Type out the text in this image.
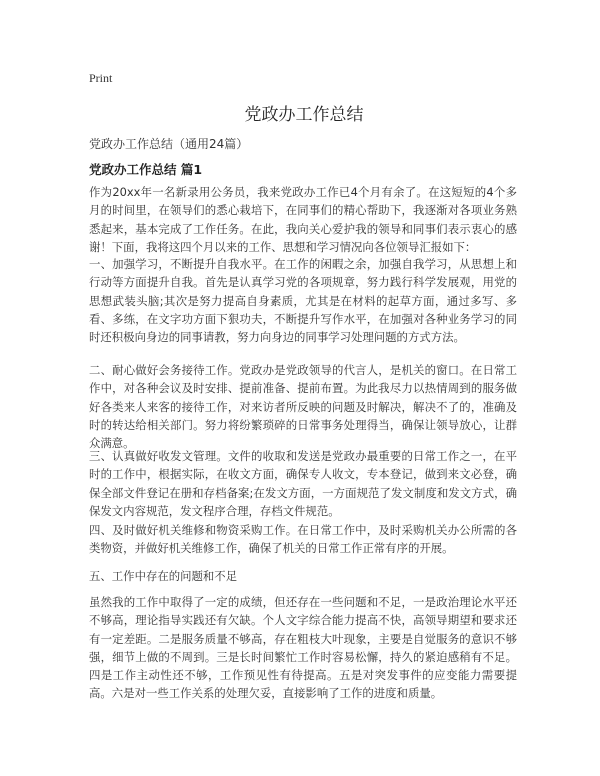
Print
党政办工作总结
党政办工作总结（通用24篇）
党政办工作总结 篇1

作为20xx年一名新录用公务员，我来党政办工作已4个月有余了。在这短短的4个多月的时间里，在领导们的悉心栽培下，在同事们的精心帮助下，我逐渐对各项业务熟悉起来，基本完成了工作任务。在此，我向关心爱护我的领导和同事们表示衷心的感谢！下面，我将这四个月以来的工作、思想和学习情况向各位领导汇报如下：

一、加强学习，不断提升自我水平。在工作的闲暇之余，加强自我学习，从思想上和行动等方面提升自我。首先是认真学习党的各项规章，努力践行科学发展观，用党的思想武装头脑;其次是努力提高自身素质，尤其是在材料的起草方面，通过多写、多看、多练，在文字功方面下狠功夫，不断提升写作水平，在加强对各种业务学习的同时还积极向身边的同事请教，努力向身边的同事学习处理问题的方式方法。

二、耐心做好会务接待工作。党政办是党政领导的代言人，是机关的窗口。在日常工作中，对各种会议及时安排、提前准备、提前布置。为此我尽力以热情周到的服务做好各类来人来客的接待工作，对来访者所反映的问题及时解决，解决不了的，准确及时的转达给相关部门。努力将纷繁琐碎的日常事务处理得当，确保让领导放心，让群众满意。

三、认真做好收发文管理。文件的收取和发送是党政办最重要的日常工作之一，在平时的工作中，根据实际，在收文方面，确保专人收文，专本登记，做到来文必登，确保全部文件登记在册和存档备案;在发文方面，一方面规范了发文制度和发文方式，确保发文内容规范，发文程序合理，存档文件规范。

四、及时做好机关维修和物资采购工作。在日常工作中，及时采购机关办公所需的各类物资，并做好机关维修工作，确保了机关的日常工作正常有序的开展。

五、工作中存在的问题和不足

虽然我的工作中取得了一定的成绩，但还存在一些问题和不足，一是政治理论水平还不够高，理论指导实践还有欠缺。个人文字综合能力提高不快，高领导期望和要求还有一定差距。二是服务质量不够高，存在粗枝大叶现象，主要是自觉服务的意识不够强，细节上做的不周到。三是长时间繁忙工作时容易松懈，持久的紧迫感稍有不足。四是工作主动性还不够，工作预见性有待提高。五是对突发事件的应变能力需要提高。六是对一些工作关系的处理欠妥，直接影响了工作的进度和质量。
